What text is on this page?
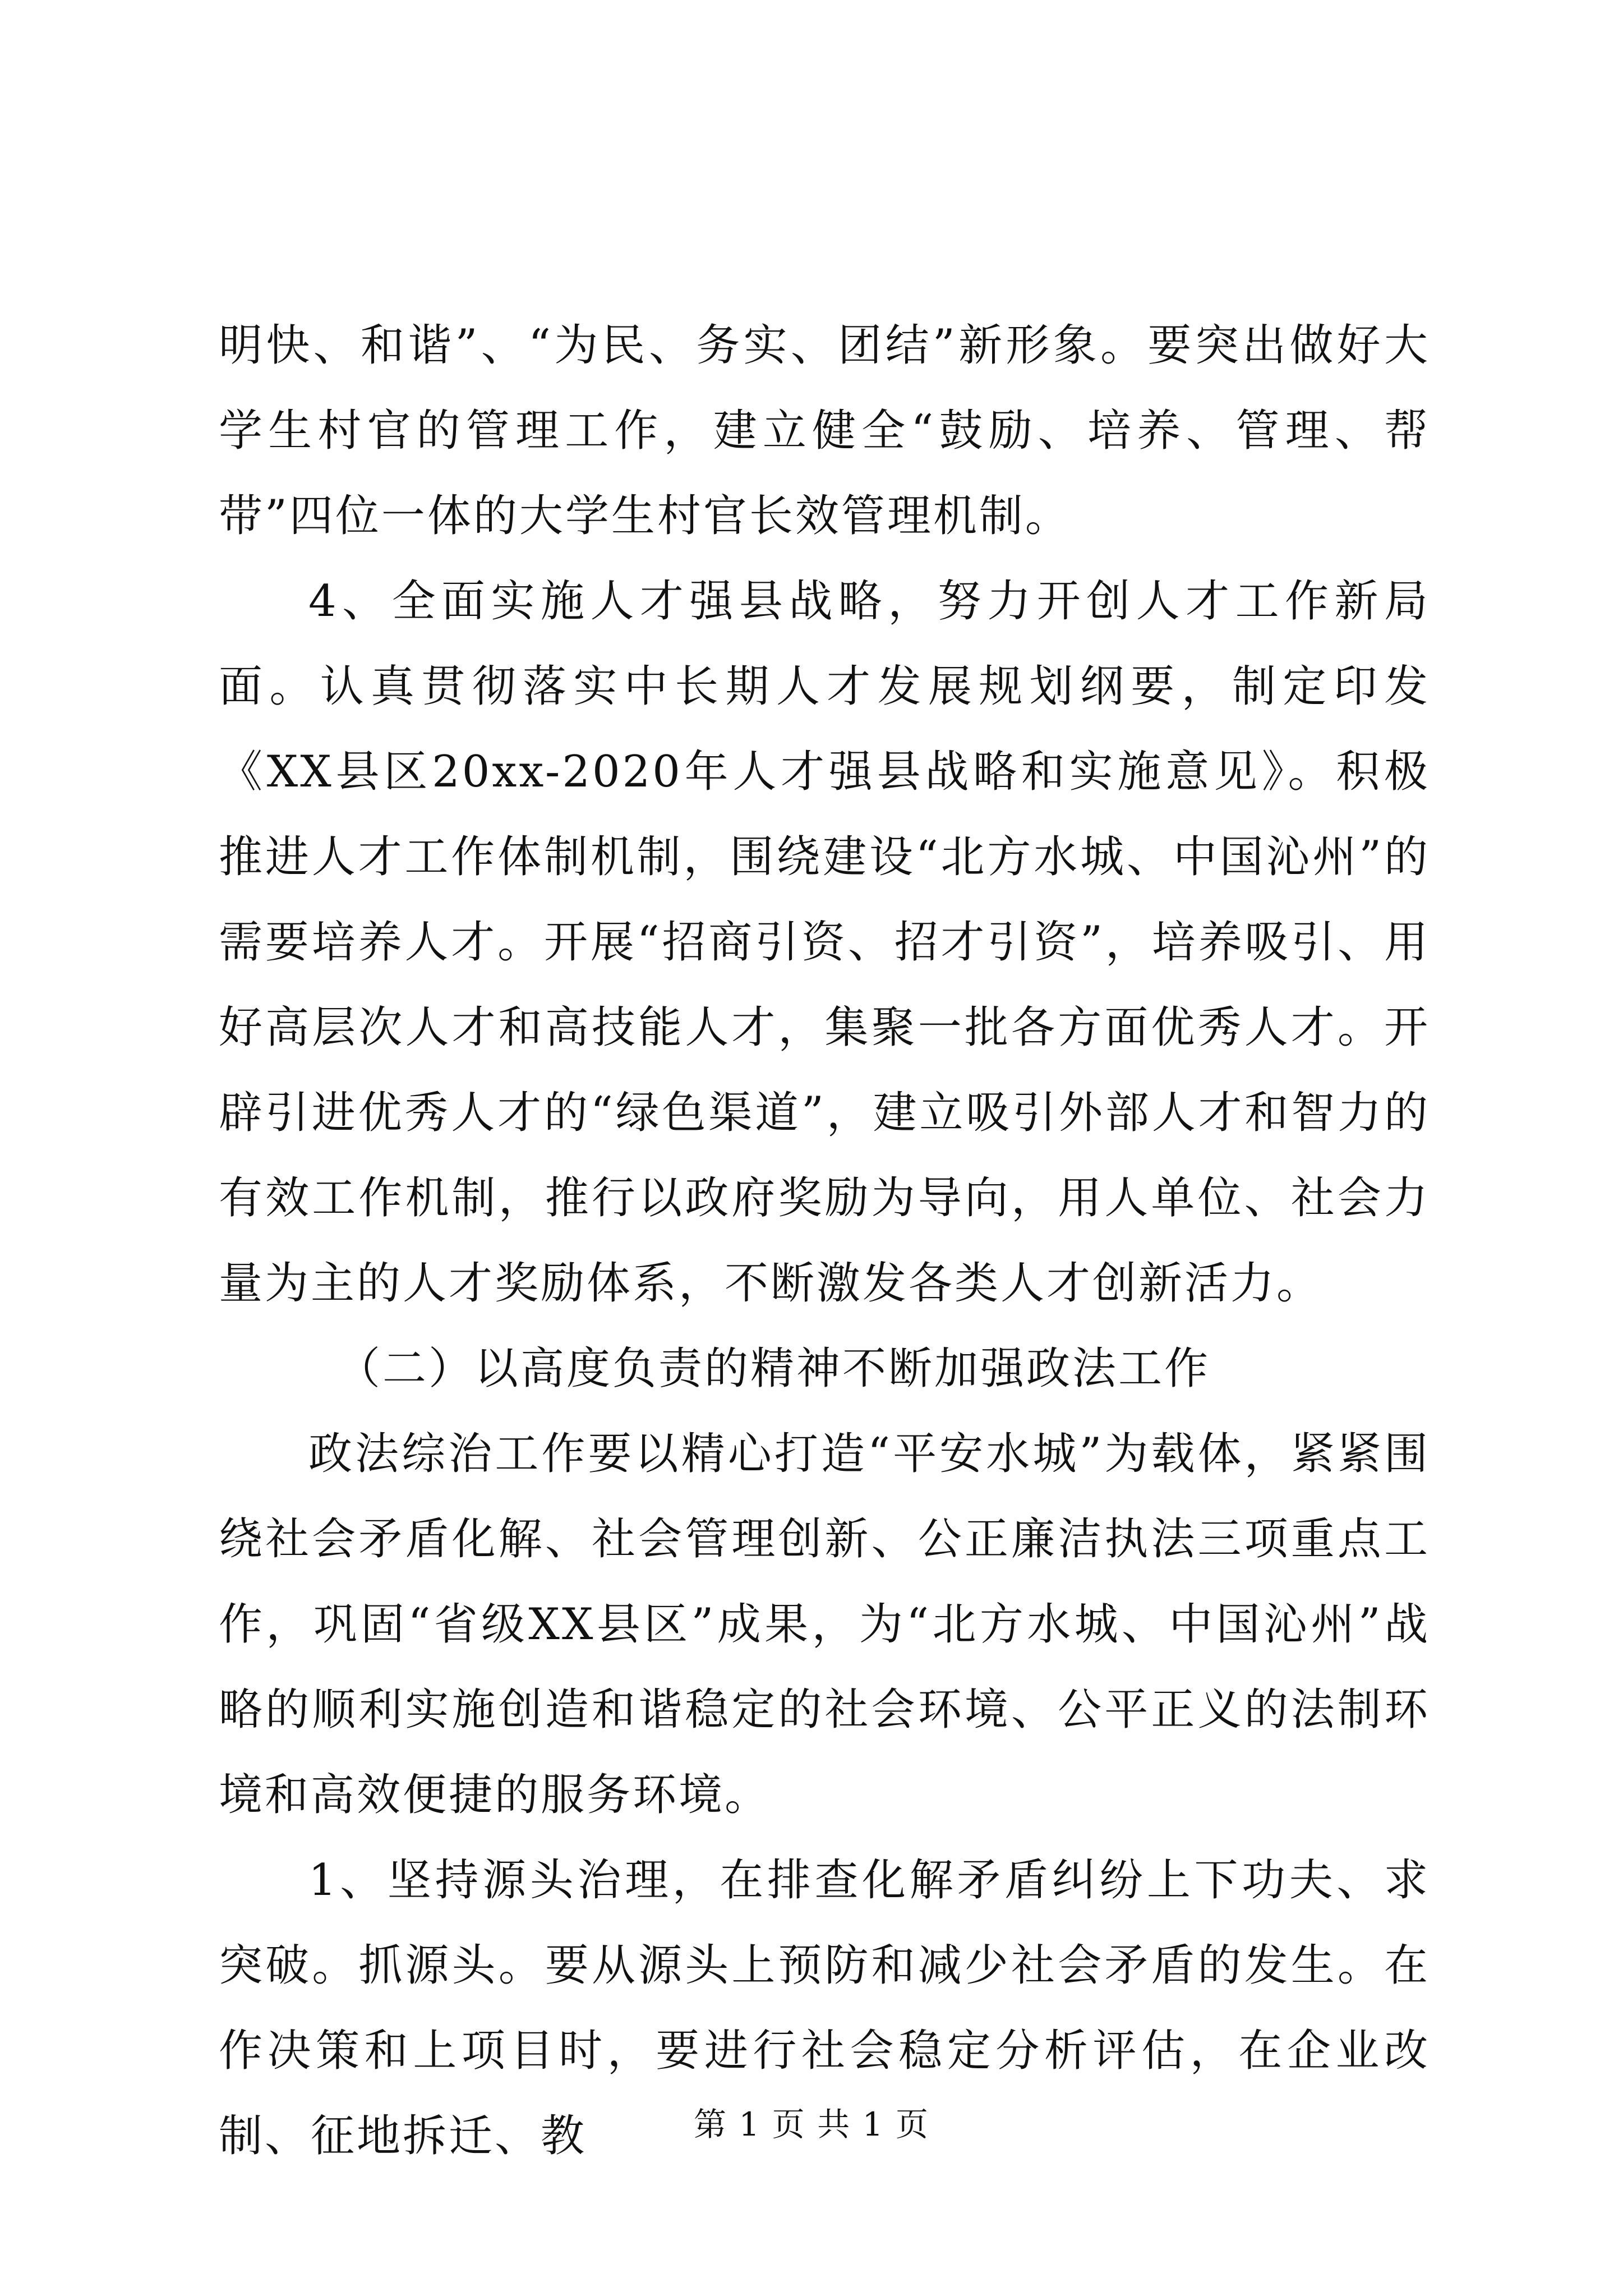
明快、和谐”、“为民、务实、团结”新形象。要突出做好大学生村官的管理工作，建立健全“鼓励、培养、管理、帮带”四位一体的大学生村官长效管理机制。

4、全面实施人才强县战略，努力开创人才工作新局面。认真贯彻落实中长期人才发展规划纲要，制定印发《XX县区20xx-2020年人才强县战略和实施意见》。积极推进人才工作体制机制，围绕建设“北方水城、中国沁州”的需要培养人才。开展“招商引资、招才引资”，培养吸引、用好高层次人才和高技能人才，集聚一批各方面优秀人才。开辟引进优秀人才的“绿色渠道”，建立吸引外部人才和智力的有效工作机制，推行以政府奖励为导向，用人单位、社会力量为主的人才奖励体系，不断激发各类人才创新活力。

（二）以高度负责的精神不断加强政法工作

政法综治工作要以精心打造“平安水城”为载体，紧紧围绕社会矛盾化解、社会管理创新、公正廉洁执法三项重点工作，巩固“省级XX县区”成果，为“北方水城、中国沁州”战略的顺利实施创造和谐稳定的社会环境、公平正义的法制环境和高效便捷的服务环境。

1、坚持源头治理，在排查化解矛盾纠纷上下功夫、求突破。抓源头。要从源头上预防和减少社会矛盾的发生。在作决策和上项目时，要进行社会稳定分析评估，在企业改制、征地拆迁、教	第 1 页 共 1 页
